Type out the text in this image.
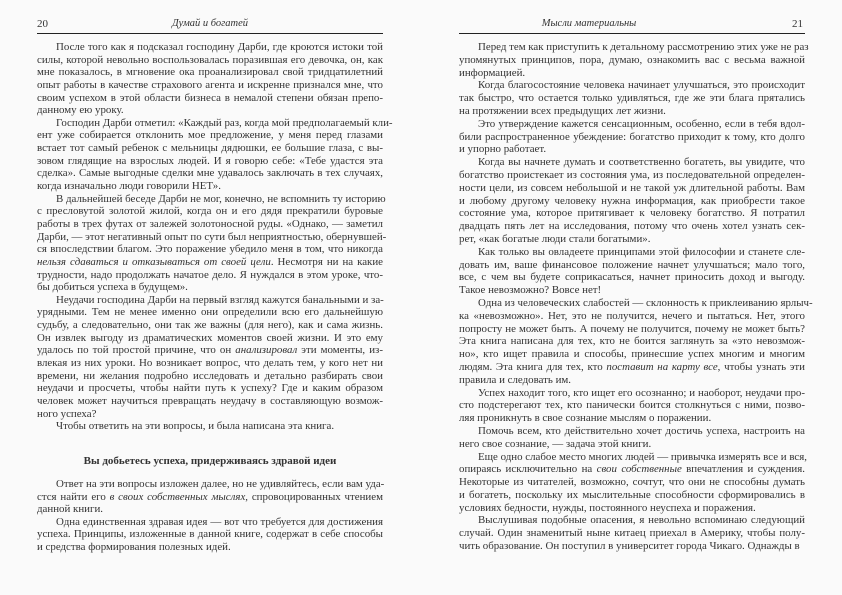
20	Думай и богатей
После того как я подсказал господину Дарби, где кроются истоки той
силы, которой невольно воспользовалась поразившая его девочка, он, как
мне показалось, в мгновение ока проанализировал свой тридцатилетний
опыт работы в качестве страхового агента и искренне признался мне, что
своим успехом в этой области бизнеса в немалой степени обязан препо-
данному ею уроку.
Господин Дарби отметил: «Каждый раз, когда мой предполагаемый кли-
ент уже собирается отклонить мое предложение, у меня перед глазами
встает тот самый ребенок с мельницы дядюшки, ее большие глаза, с вы-
зовом глядящие на взрослых людей. И я говорю себе: «Тебе удастся эта
сделка». Самые выгодные сделки мне удавалось заключать в тех случаях,
когда изначально люди говорили НЕТ».
В дальнейшей беседе Дарби не мог, конечно, не вспомнить ту историю
с пресловутой золотой жилой, когда он и его дядя прекратили буровые
работы в трех футах от залежей золотоносной руды. «Однако, — заметил
Дарби, — этот негативный опыт по сути был неприятностью, обернувшей-
ся впоследствии благом. Это поражение убедило меня в том, что никогда
нельзя сдаваться и отказываться от своей цели. Несмотря ни на какие
трудности, надо продолжать начатое дело. Я нуждался в этом уроке, что-
бы добиться успеха в будущем».
Неудачи господина Дарби на первый взгляд кажутся банальными и за-
урядными. Тем не менее именно они определили всю его дальнейшую
судьбу, а следовательно, они так же важны (для него), как и сама жизнь.
Он извлек выгоду из драматических моментов своей жизни. И это ему
удалось по той простой причине, что он анализировал эти моменты, из-
влекая из них уроки. Но возникает вопрос, что делать тем, у кого нет ни
времени, ни желания подробно исследовать и детально разбирать свои
неудачи и просчеты, чтобы найти путь к успеху? Где и каким образом
человек может научиться превращать неудачу в составляющую возмож-
ного успеха?
Чтобы ответить на эти вопросы, и была написана эта книга.
Вы добьетесь успеха, придерживаясь здравой идеи
Ответ на эти вопросы изложен далее, но не удивляйтесь, если вам уда-
стся найти его в своих собственных мыслях, спровоцированных чтением
данной книги.
Одна единственная здравая идея — вот что требуется для достижения
успеха. Принципы, изложенные в данной книге, содержат в себе способы
и средства формирования полезных идей.
Мысли материальны	21
Перед тем как приступить к детальному рассмотрению этих уже не раз
упомянутых принципов, пора, думаю, ознакомить вас с весьма важной
информацией.
Когда благосостояние человека начинает улучшаться, это происходит
так быстро, что остается только удивляться, где же эти блага прятались
на протяжении всех предыдущих лет жизни.
Это утверждение кажется сенсационным, особенно, если в тебя вдол-
били распространенное убеждение: богатство приходит к тому, кто долго
и упорно работает.
Когда вы начнете думать и соответственно богатеть, вы увидите, что
богатство проистекает из состояния ума, из последовательной определен-
ности цели, из совсем небольшой и не такой уж длительной работы. Вам
и любому другому человеку нужна информация, как приобрести такое
состояние ума, которое притягивает к человеку богатство. Я потратил
двадцать пять лет на исследования, потому что очень хотел узнать сек-
рет, «как богатые люди стали богатыми».
Как только вы овладеете принципами этой философии и станете сле-
довать им, ваше финансовое положение начнет улучшаться; мало того,
все, с чем вы будете соприкасаться, начнет приносить доход и выгоду.
Такое невозможно? Вовсе нет!
Одна из человеческих слабостей — склонность к приклеиванию ярлыч-
ка «невозможно». Нет, это не получится, нечего и пытаться. Нет, этого
попросту не может быть. А почему не получится, почему не может быть?
Эта книга написана для тех, кто не боится заглянуть за «это невозмож-
но», кто ищет правила и способы, принесшие успех многим и многим
людям. Эта книга для тех, кто поставит на карту все, чтобы узнать эти
правила и следовать им.
Успех находит того, кто ищет его осознанно; и наоборот, неудачи про-
сто подстерегают тех, кто панически боится столкнуться с ними, позво-
ляя проникнуть в свое сознание мыслям о поражении.
Помочь всем, кто действительно хочет достичь успеха, настроить на
него свое сознание, — задача этой книги.
Еще одно слабое место многих людей — привычка измерять все и вся,
опираясь исключительно на свои собственные впечатления и суждения.
Некоторые из читателей, возможно, сочтут, что они не способны думать
и богатеть, поскольку их мыслительные способности сформировались в
условиях бедности, нужды, постоянного неуспеха и поражения.
Выслушивая подобные опасения, я невольно вспоминаю следующий
случай. Один знаменитый ныне китаец приехал в Америку, чтобы полу-
чить образование. Он поступил в университет города Чикаго. Однажды в
